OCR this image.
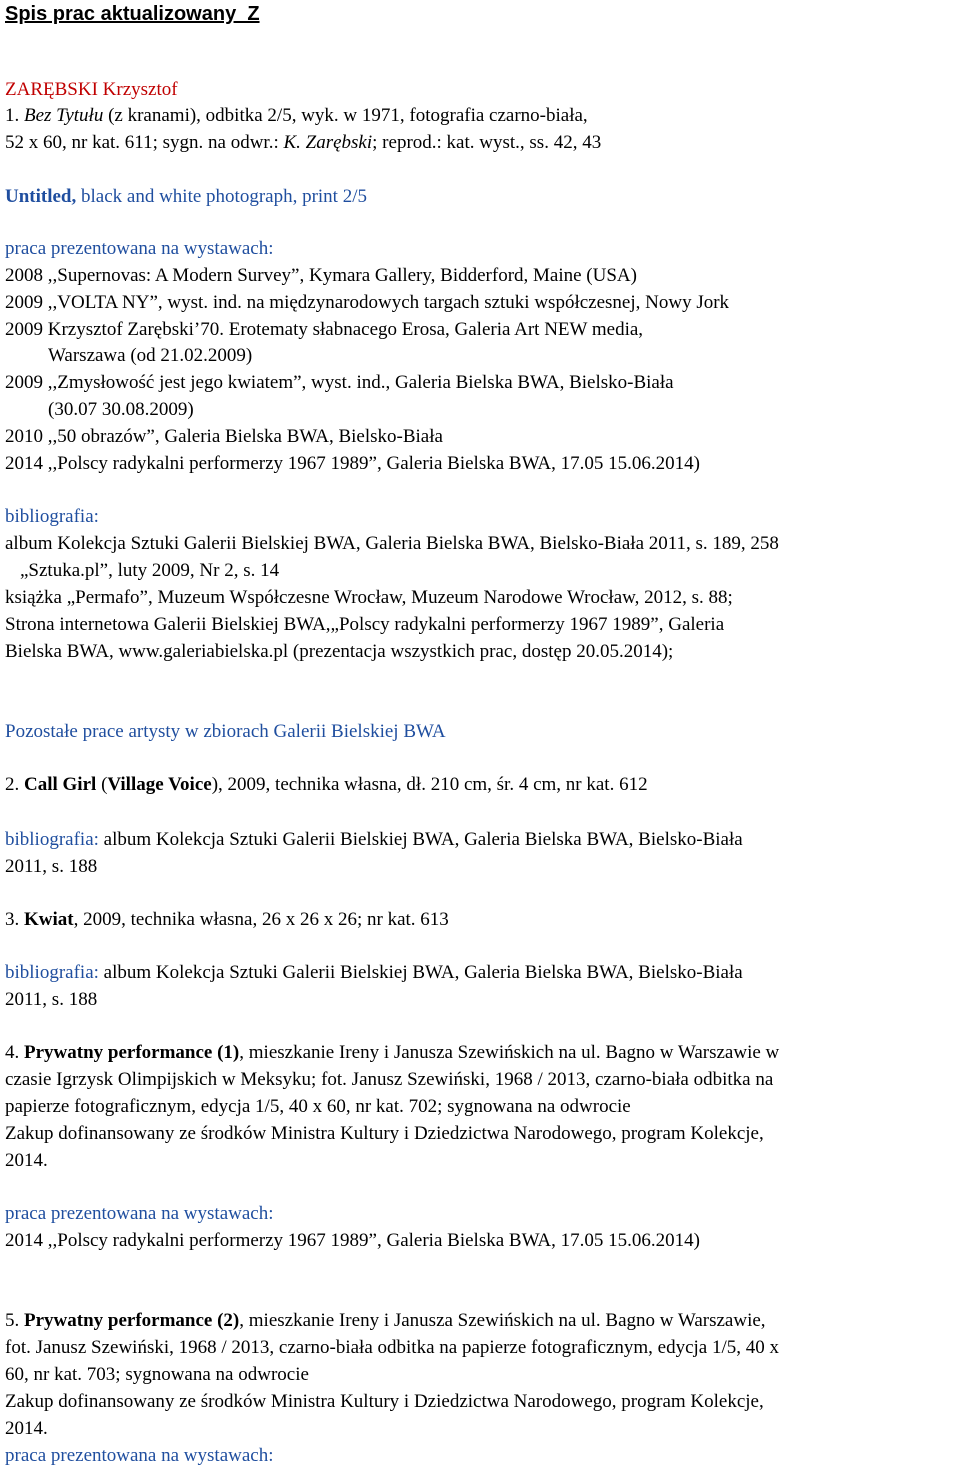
Spis prac aktualizowany_Z
ZARĘBSKI Krzysztof
1. Bez Tytułu (z kranami), odbitka 2/5, wyk. w 1971, fotografia czarno-biała,
52 x 60, nr kat. 611; sygn. na odwr.: K. Zarębski; reprod.: kat. wyst., ss. 42, 43
Untitled, black and white photograph, print 2/5
praca prezentowana na wystawach:
2008 ,,Supernovas: A Modern Survey”, Kymara Gallery, Bidderford, Maine (USA)
2009 ,,VOLTA NY”, wyst. ind. na międzynarodowych targach sztuki współczesnej, Nowy Jork
2009 Krzysztof Zarębski’70. Erotematy słabnacego Erosa, Galeria Art NEW media,
Warszawa (od 21.02.2009)
2009 ,,Zmysłowość jest jego kwiatem”, wyst. ind., Galeria Bielska BWA, Bielsko-Biała
(30.07 30.08.2009)
2010 ,,50 obrazów”, Galeria Bielska BWA, Bielsko-Biała
2014 ,,Polscy radykalni performerzy 1967 1989”, Galeria Bielska BWA, 17.05 15.06.2014)
bibliografia:
album Kolekcja Sztuki Galerii Bielskiej BWA, Galeria Bielska BWA, Bielsko-Biała 2011, s. 189, 258
„Sztuka.pl”, luty 2009, Nr 2, s. 14
książka „Permafo”, Muzeum Współczesne Wrocław, Muzeum Narodowe Wrocław, 2012, s. 88;
Strona internetowa Galerii Bielskiej BWA,„Polscy radykalni performerzy 1967 1989”, Galeria
Bielska BWA, www.galeriabielska.pl (prezentacja wszystkich prac, dostęp 20.05.2014);
Pozostałe prace artysty w zbiorach Galerii Bielskiej BWA
2. Call Girl (Village Voice), 2009, technika własna, dł. 210 cm, śr. 4 cm, nr kat. 612
bibliografia: album Kolekcja Sztuki Galerii Bielskiej BWA, Galeria Bielska BWA, Bielsko-Biała
2011, s. 188
3. Kwiat, 2009, technika własna, 26 x 26 x 26; nr kat. 613
bibliografia: album Kolekcja Sztuki Galerii Bielskiej BWA, Galeria Bielska BWA, Bielsko-Biała
2011, s. 188
4. Prywatny performance (1), mieszkanie Ireny i Janusza Szewińskich na ul. Bagno w Warszawie w
czasie Igrzysk Olimpijskich w Meksyku; fot. Janusz Szewiński, 1968 / 2013, czarno-biała odbitka na
papierze fotograficznym, edycja 1/5, 40 x 60, nr kat. 702; sygnowana na odwrocie
Zakup dofinansowany ze środków Ministra Kultury i Dziedzictwa Narodowego, program Kolekcje,
2014.
praca prezentowana na wystawach:
2014 ,,Polscy radykalni performerzy 1967 1989”, Galeria Bielska BWA, 17.05 15.06.2014)
5. Prywatny performance (2), mieszkanie Ireny i Janusza Szewińskich na ul. Bagno w Warszawie,
fot. Janusz Szewiński, 1968 / 2013, czarno-biała odbitka na papierze fotograficznym, edycja 1/5, 40 x
60, nr kat. 703; sygnowana na odwrocie
Zakup dofinansowany ze środków Ministra Kultury i Dziedzictwa Narodowego, program Kolekcje,
2014.
praca prezentowana na wystawach:
